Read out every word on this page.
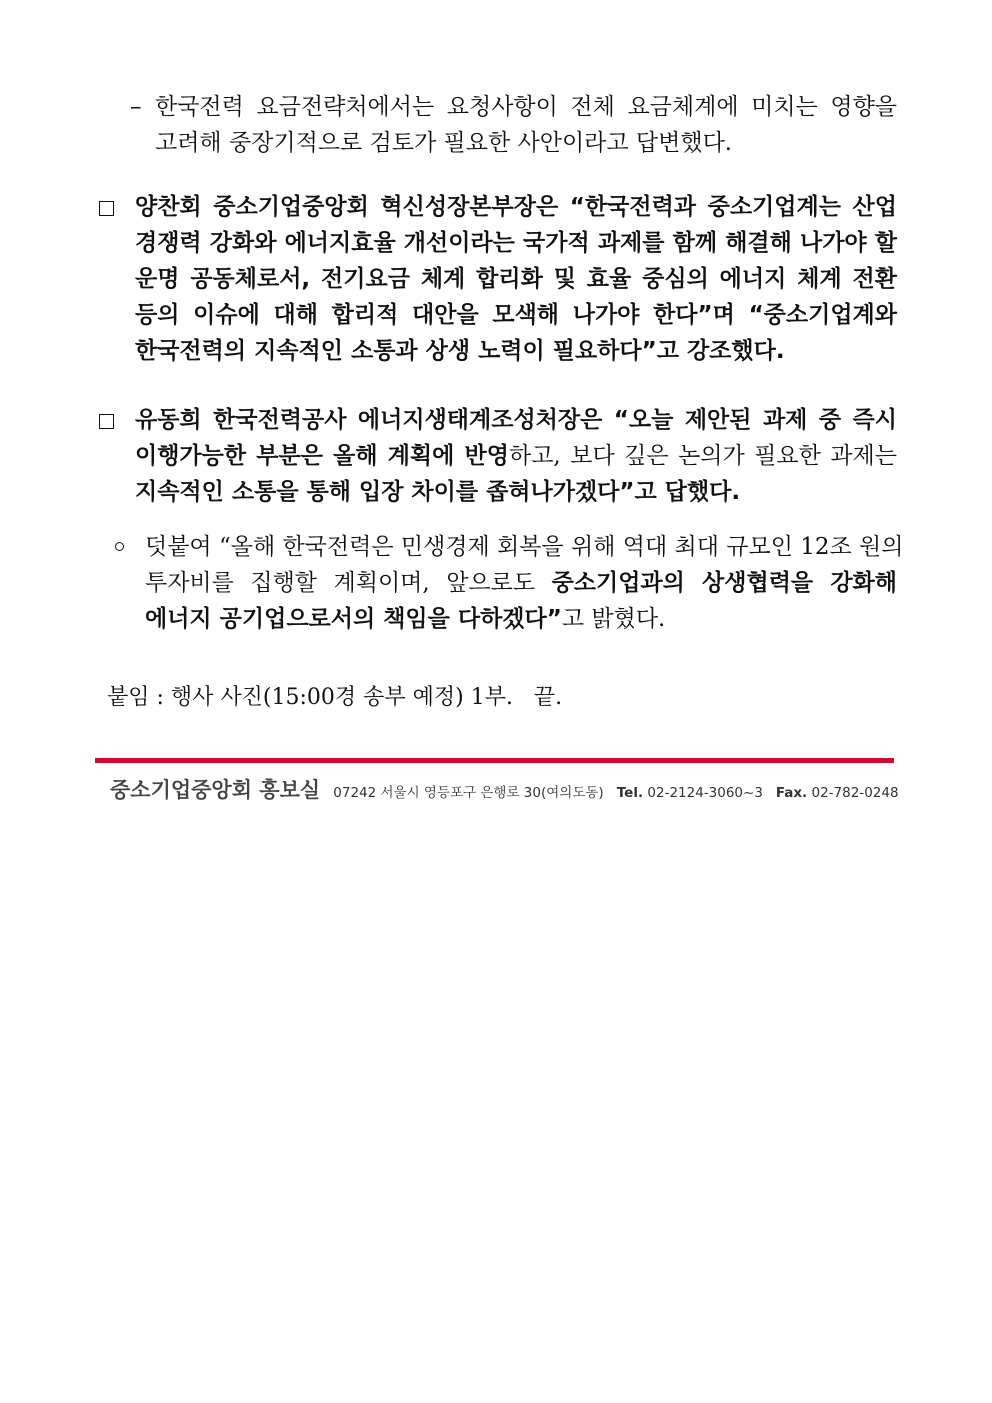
– 한국전력 요금전략처에서는 요청사항이 전체 요금체계에 미치는 영향을
고려해 중장기적으로 검토가 필요한 사안이라고 답변했다.
양찬회 중소기업중앙회 혁신성장본부장은 “한국전력과 중소기업계는 산업
경쟁력 강화와 에너지효율 개선이라는 국가적 과제를 함께 해결해 나가야 할
운명 공동체로서, 전기요금 체계 합리화 및 효율 중심의 에너지 체계 전환
등의 이슈에 대해 합리적 대안을 모색해 나가야 한다”며 “중소기업계와
한국전력의 지속적인 소통과 상생 노력이 필요하다”고 강조했다.
유동희 한국전력공사 에너지생태계조성처장은 “오늘 제안된 과제 중 즉시
이행가능한 부분은 올해 계획에 반영하고, 보다 깊은 논의가 필요한 과제는
지속적인 소통을 통해 입장 차이를 좁혀나가겠다”고 답했다.
덧붙여 “올해 한국전력은 민생경제 회복을 위해 역대 최대 규모인 12조 원의
투자비를 집행할 계획이며, 앞으로도 중소기업과의 상생협력을 강화해
에너지 공기업으로서의 책임을 다하겠다”고 밝혔다.
붙임 : 행사 사진(15:00경 송부 예정) 1부.   끝.
중소기업중앙회 홍보실 07242 서울시 영등포구 은행로 30(여의도동) Tel. 02-2124-3060~3 Fax. 02-782-0248
